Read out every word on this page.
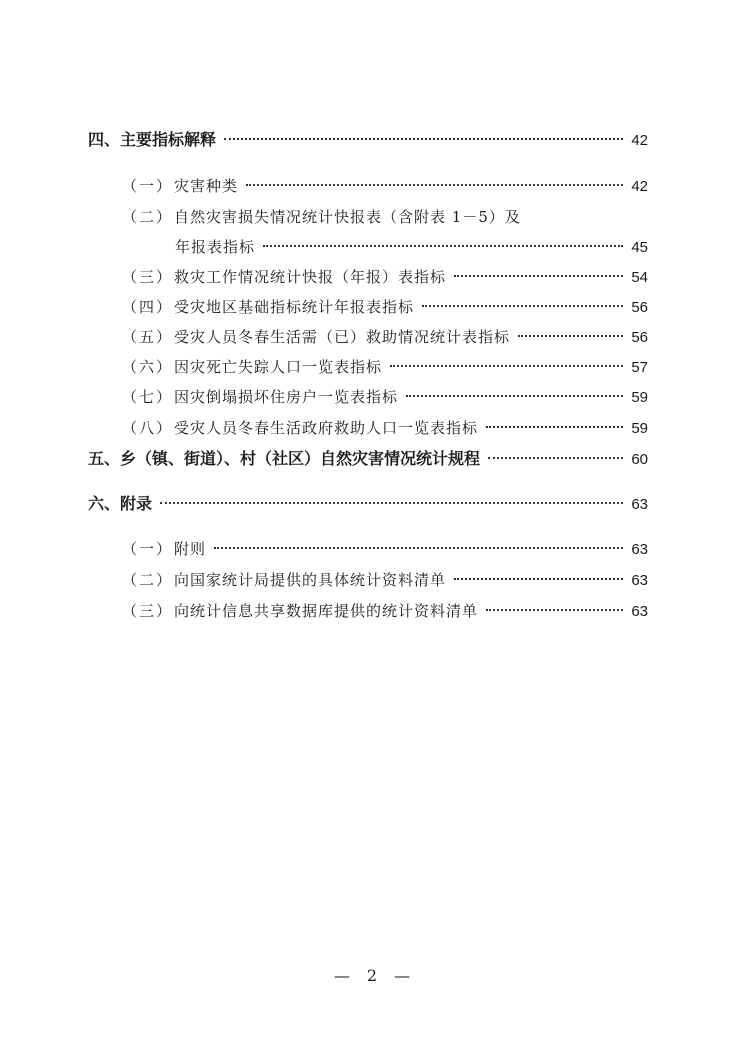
四、主要指标解释	42
（一） 灾害种类	42
（二） 自然灾害损失情况统计快报表（含附表 1－5）及
年报表指标	45
（三） 救灾工作情况统计快报（年报）表指标	54
（四） 受灾地区基础指标统计年报表指标	56
（五） 受灾人员冬春生活需（已）救助情况统计表指标	56
（六） 因灾死亡失踪人口一览表指标	57
（七） 因灾倒塌损坏住房户一览表指标	59
（八） 受灾人员冬春生活政府救助人口一览表指标	59
五、乡（镇、街道）、村（社区）自然灾害情况统计规程	60
六、附录	63
（一） 附则	63
（二） 向国家统计局提供的具体统计资料清单	63
（三） 向统计信息共享数据库提供的统计资料清单	63
— 2 —
